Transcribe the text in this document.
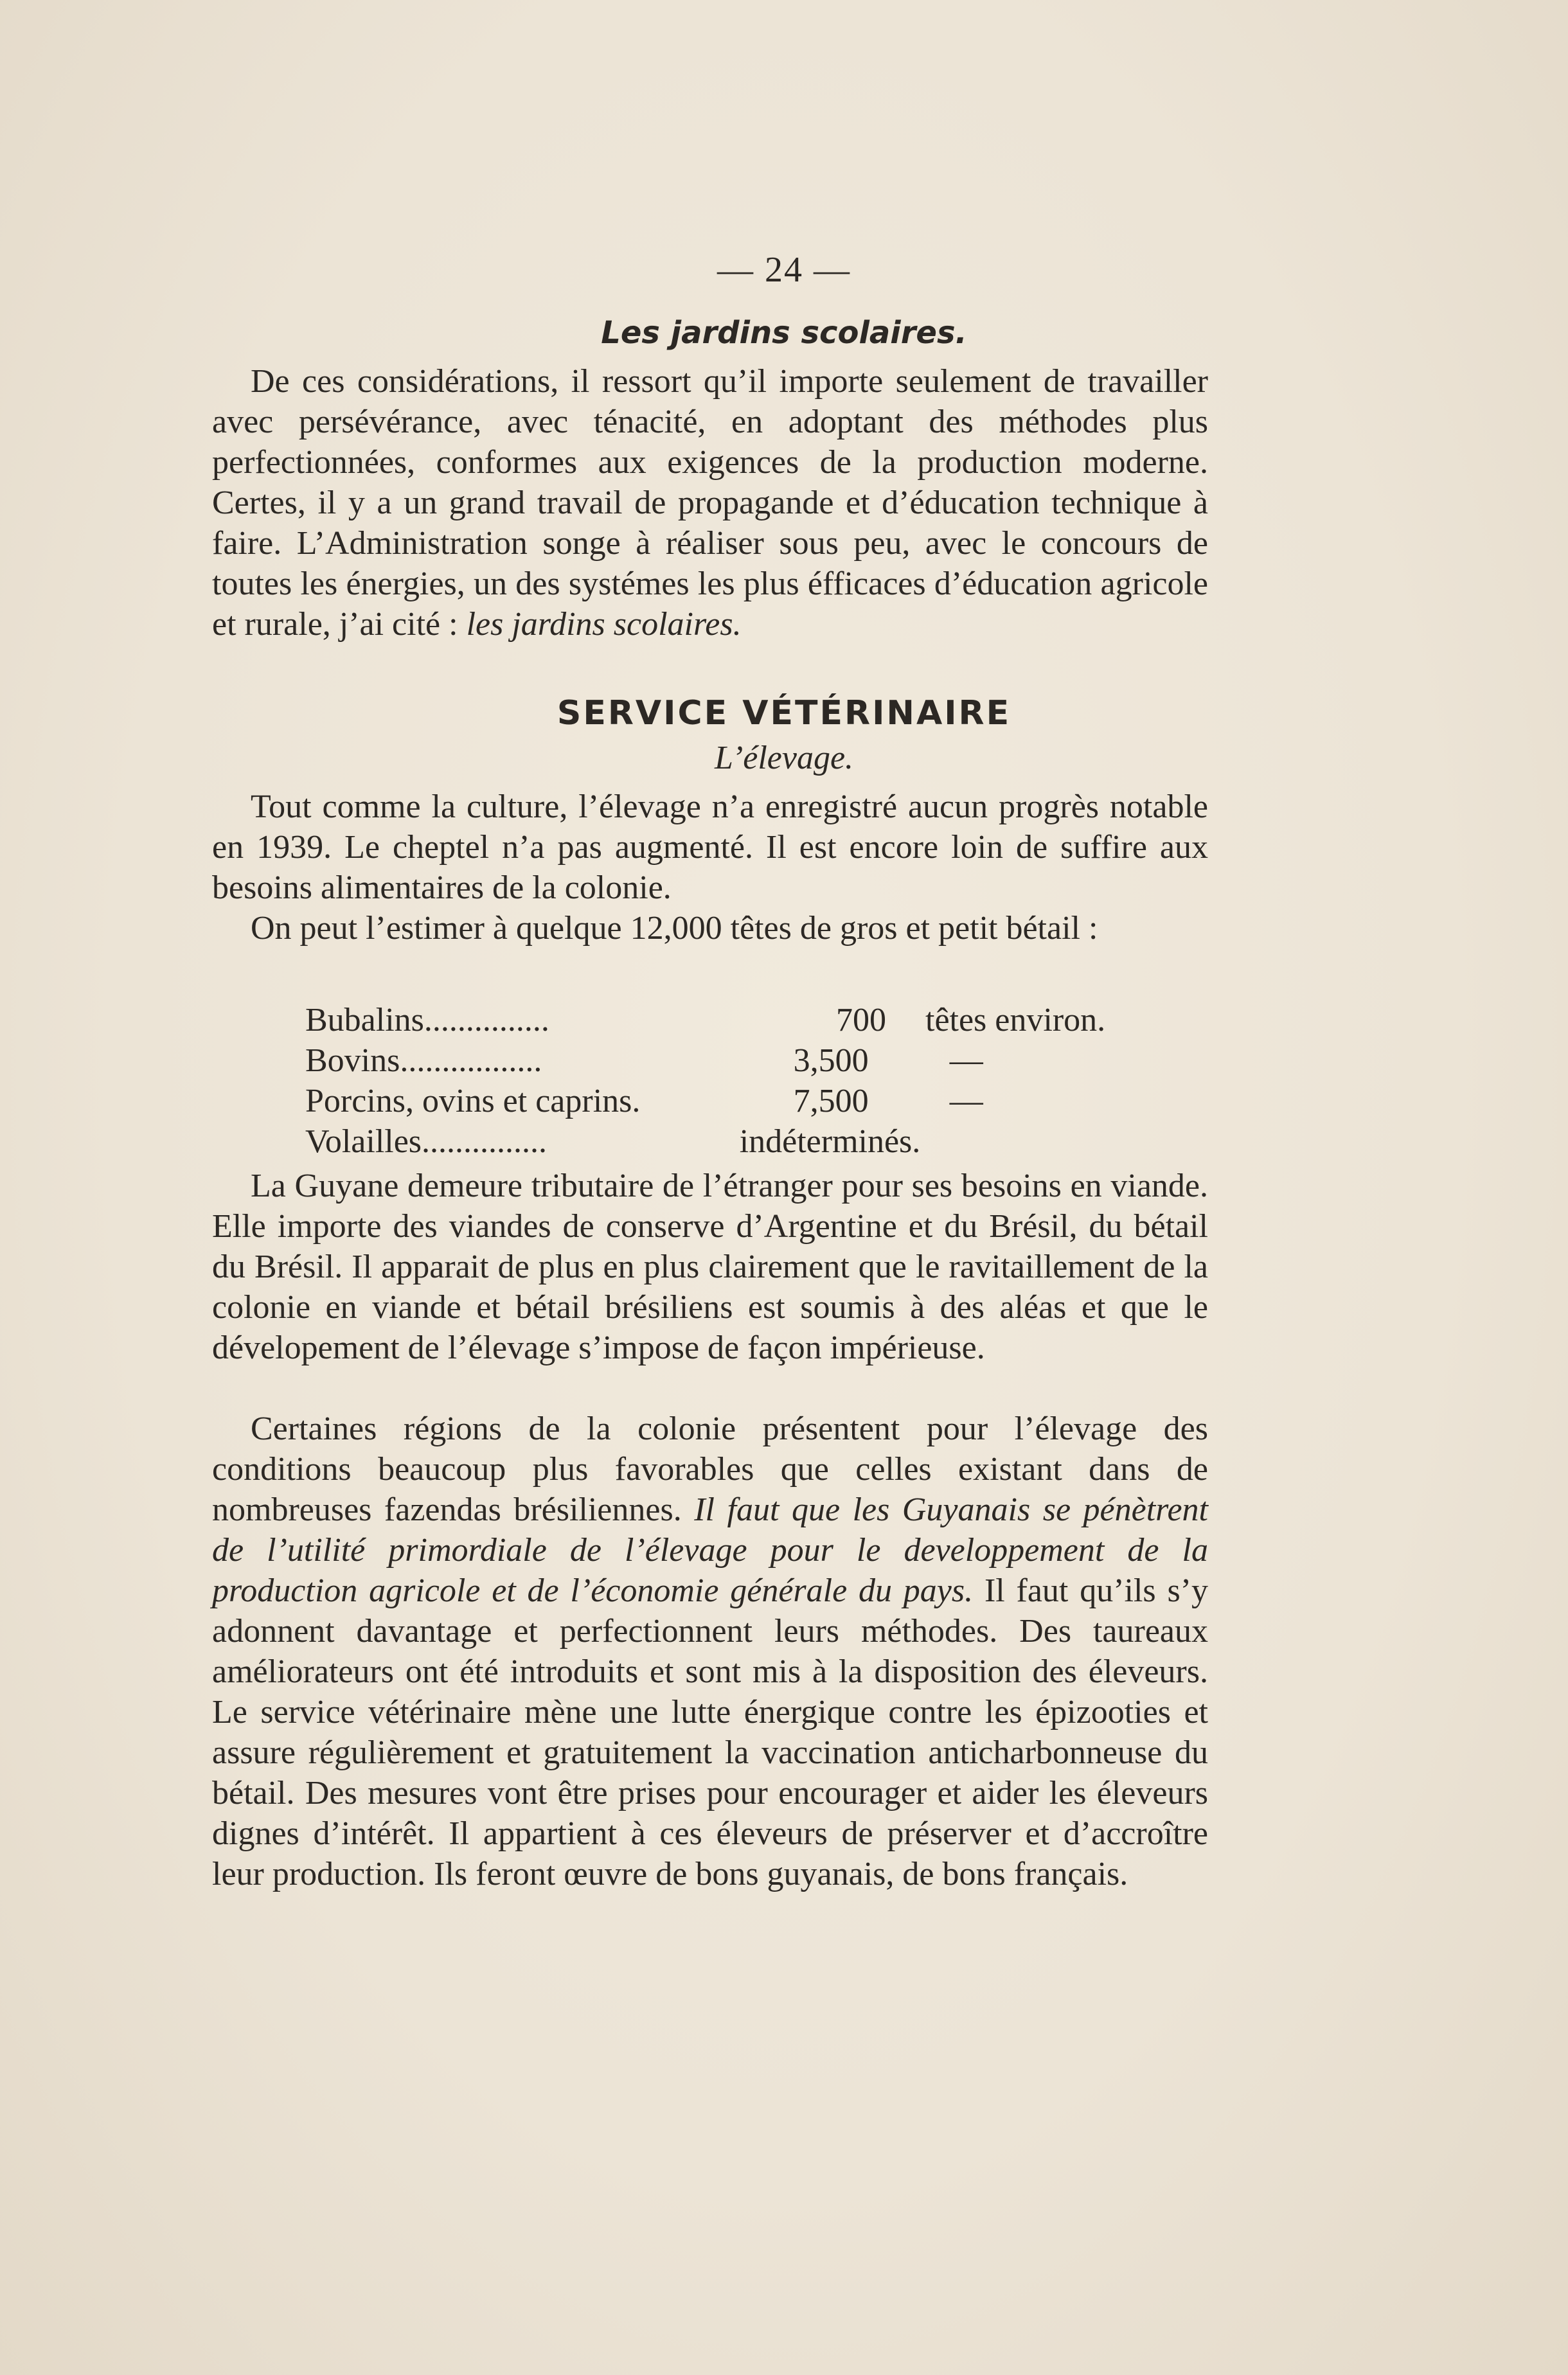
— 24 —
Les jardins scolaires.

De ces considérations, il ressort qu’il importe seulement de travailler avec persévérance, avec ténacité, en adoptant des méthodes plus perfectionnées, conformes aux exigences de la production moderne. Certes, il y a un grand travail de propagande et d’éducation technique à faire. L’Administration songe à réaliser sous peu, avec le concours de toutes les énergies, un des systémes les plus éfficaces d’éducation agricole et rurale, j’ai cité : les jardins scolaires.

SERVICE VÉTÉRINAIRE
L’élevage.

Tout comme la culture, l’élevage n’a enregistré aucun progrès notable en 1939. Le cheptel n’a pas augmenté. Il est encore loin de suffire aux besoins alimentaires de la colonie.

On peut l’estimer à quelque 12,000 têtes de gros et petit bétail :

Bubalins...............	700	têtes environ.
Bovins.................	3,500	—
Porcins, ovins et caprins.	7,500	—
Volailles...............	indéterminés.

La Guyane demeure tributaire de l’étranger pour ses besoins en viande. Elle importe des viandes de conserve d’Argentine et du Brésil, du bétail du Brésil. Il apparait de plus en plus clairement que le ravitaillement de la colonie en viande et bétail brésiliens est soumis à des aléas et que le dévelopement de l’élevage s’impose de façon impérieuse.

Certaines régions de la colonie présentent pour l’élevage des conditions beaucoup plus favorables que celles existant dans de nombreuses fazendas brésiliennes. Il faut que les Guyanais se pénètrent de l’utilité primordiale de l’élevage pour le developpement de la production agricole et de l’économie générale du pays. Il faut qu’ils s’y adonnent davantage et perfectionnent leurs méthodes. Des taureaux améliorateurs ont été introduits et sont mis à la disposition des éleveurs. Le service vétérinaire mène une lutte énergique contre les épizooties et assure régulièrement et gratuitement la vaccination anticharbonneuse du bétail. Des mesures vont être prises pour encourager et aider les éleveurs dignes d’intérêt. Il appartient à ces éleveurs de préserver et d’accroître leur production. Ils feront œuvre de bons guyanais, de bons français.
